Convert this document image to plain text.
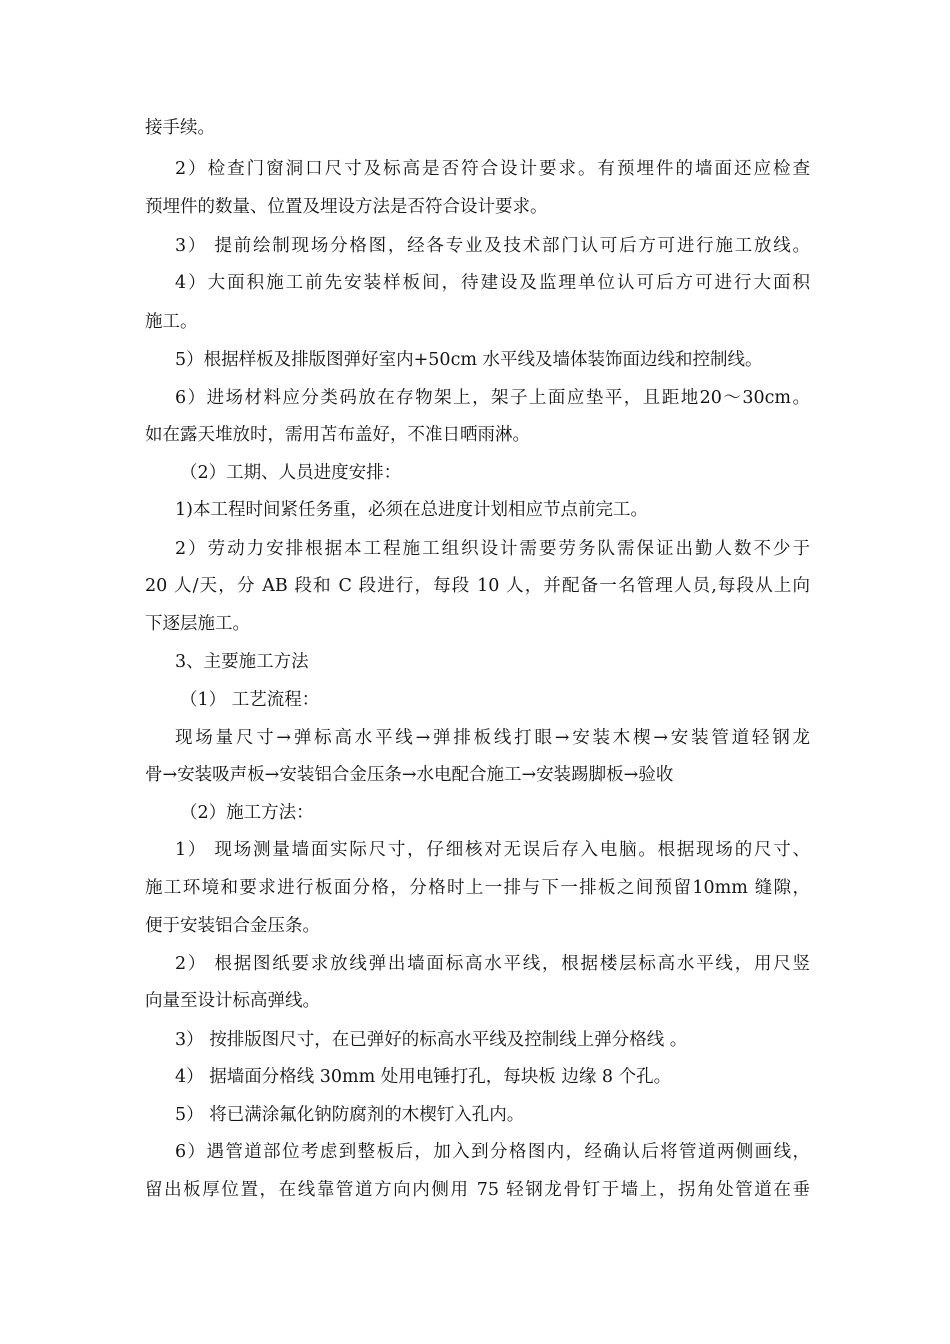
接手续。
2）检查门窗洞口尺寸及标高是否符合设计要求。有预埋件的墙面还应检查
预埋件的数量、位置及埋设方法是否符合设计要求。
3） 提前绘制现场分格图，经各专业及技术部门认可后方可进行施工放线。
4）大面积施工前先安装样板间，待建设及监理单位认可后方可进行大面积
施工。
5）根据样板及排版图弹好室内+50cm 水平线及墙体装饰面边线和控制线。
6）进场材料应分类码放在存物架上，架子上面应垫平，且距地20～30cm。
如在露天堆放时，需用苫布盖好，不准日晒雨淋。
（2）工期、人员进度安排：
1)本工程时间紧任务重，必须在总进度计划相应节点前完工。
2）劳动力安排根据本工程施工组织设计需要劳务队需保证出勤人数不少于
20 人/天，分 AB 段和 C 段进行，每段 10 人，并配备一名管理人员,每段从上向
下逐层施工。
3、主要施工方法
（1） 工艺流程：
现场量尺寸→弹标高水平线→弹排板线打眼→安装木楔→安装管道轻钢龙
骨→安装吸声板→安装铝合金压条→水电配合施工→安装踢脚板→验收
（2）施工方法：
1） 现场测量墙面实际尺寸，仔细核对无误后存入电脑。根据现场的尺寸、
施工环境和要求进行板面分格，分格时上一排与下一排板之间预留10mm 缝隙，
便于安装铝合金压条。
2） 根据图纸要求放线弹出墙面标高水平线，根据楼层标高水平线，用尺竖
向量至设计标高弹线。
3） 按排版图尺寸，在已弹好的标高水平线及控制线上弹分格线 。
4） 据墙面分格线 30mm 处用电锤打孔，每块板 边缘 8 个孔。
5） 将已满涂氟化钠防腐剂的木楔钉入孔内。
6）遇管道部位考虑到整板后，加入到分格图内，经确认后将管道两侧画线，
留出板厚位置，在线靠管道方向内侧用 75 轻钢龙骨钉于墙上，拐角处管道在垂
